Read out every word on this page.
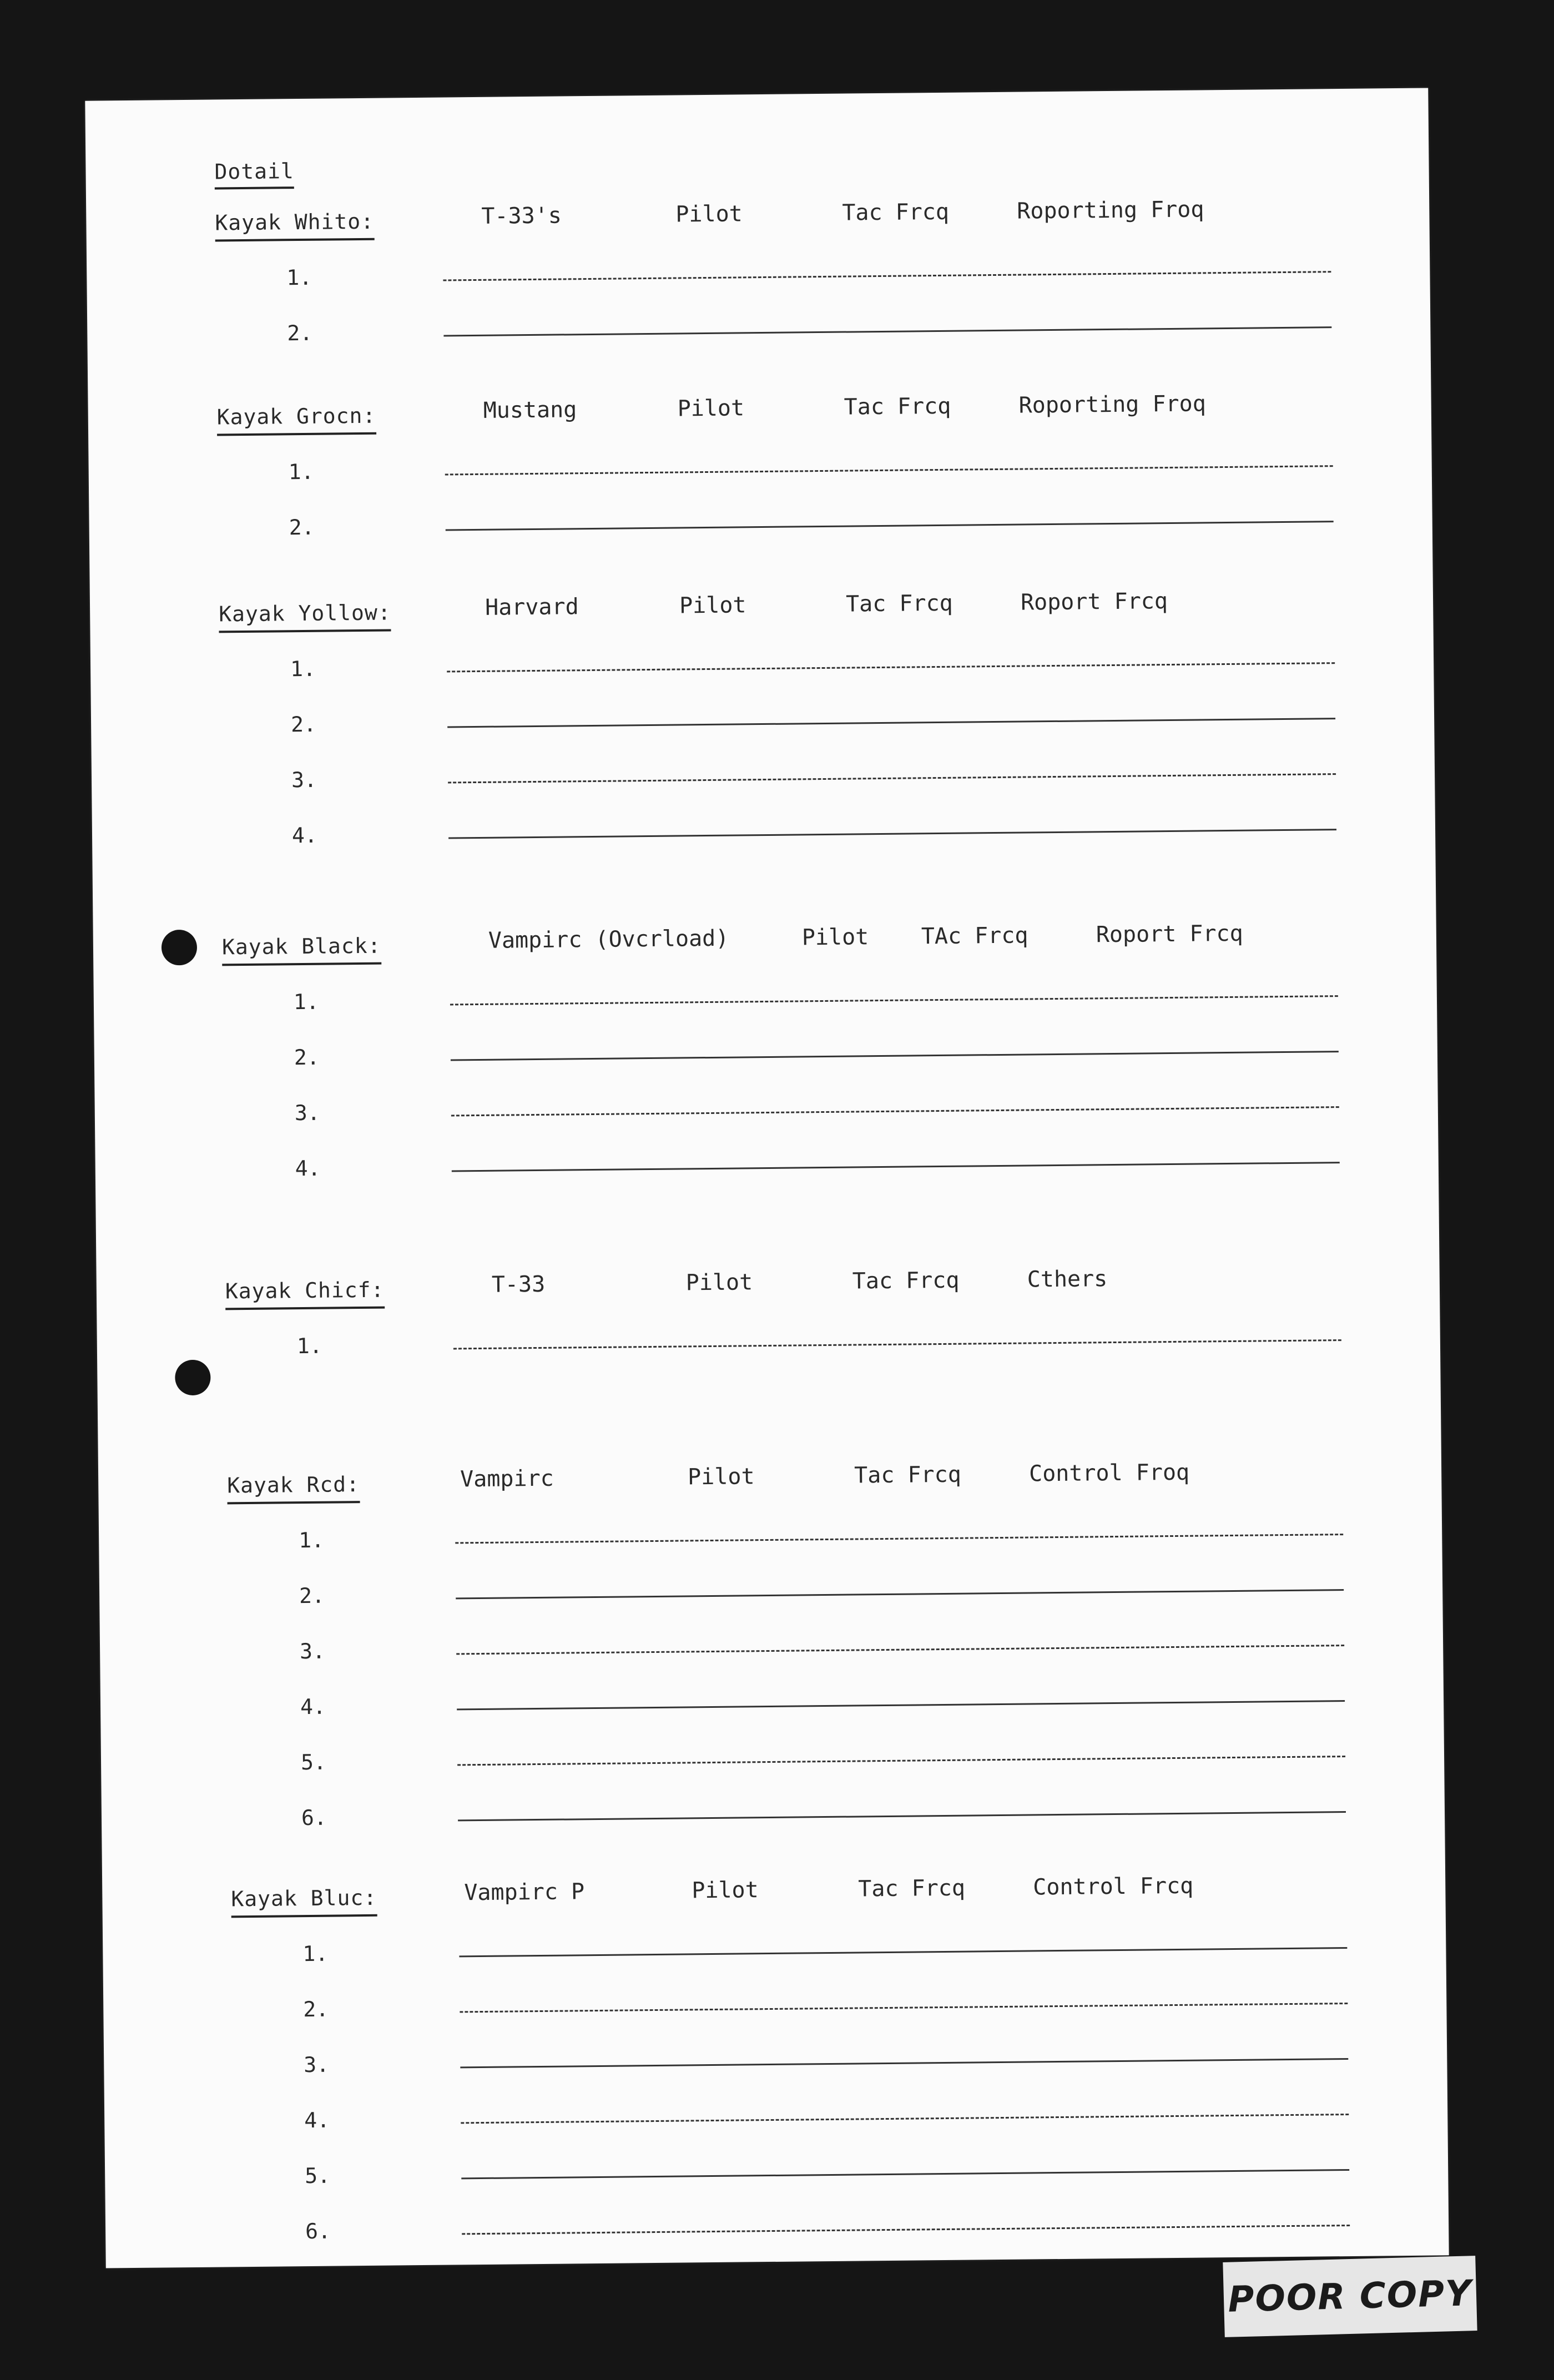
Dotail
Kayak Whito:	T-33's	Pilot	Tac Frcq	Roporting Froq
1.
2.
Kayak Grocn:	Mustang	Pilot	Tac Frcq	Roporting Froq
1.
2.
Kayak Yollow:	Harvard	Pilot	Tac Frcq	Roport Frcq
1.
2.
3.
4.
Kayak Black:	Vampirc (Ovcrload)	Pilot TAc Frcq	Roport Frcq
1.
2.
3.
4.
Kayak Chicf:	T-33	Pilot	Tac Frcq	Cthers
1.
Kayak Rcd:	Vampirc	Pilot	Tac Frcq	Control Froq
1.
2.
3.
4.
5.
6.
Kayak Bluc:	Vampirc P	Pilot	Tac Frcq	Control Frcq
1.
2.
3.
4.
5.
6.
POOR COPY
